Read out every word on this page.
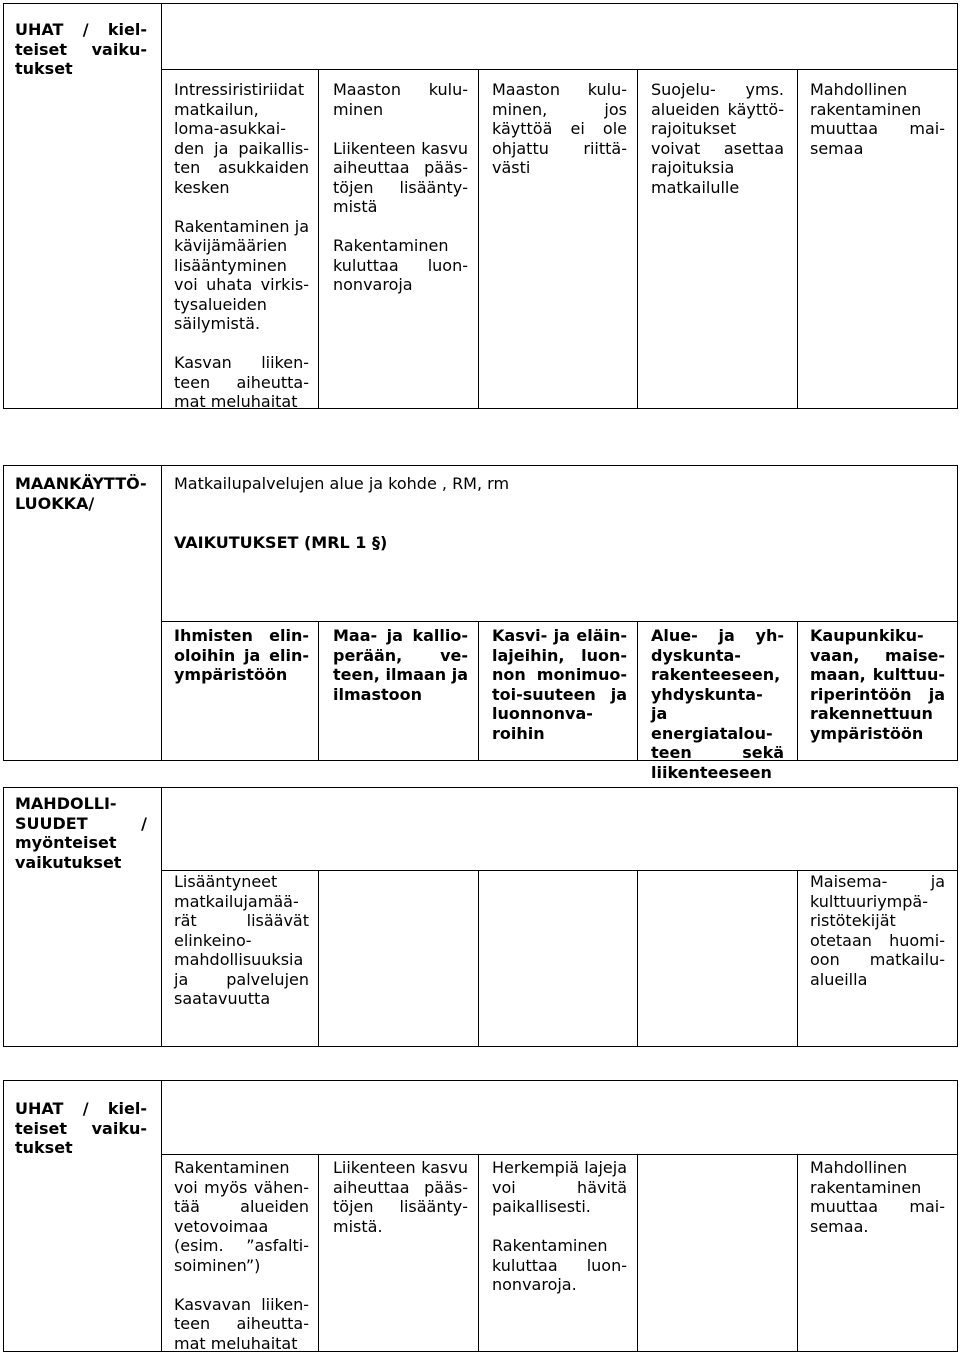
UHAT / kielteiset vaikutukset

Intressiristiriidat matkailun, loma-asukkaiden ja paikallisten asukkaiden kesken

Rakentaminen ja kävijämäärien lisääntyminen voi uhata virkistysalueiden säilymistä.

Kasvan liikenteen aiheuttamat meluhaitat

Maaston kuluminen

Liikenteen kasvu aiheuttaa päästöjen lisääntymistä

Rakentaminen kuluttaa luonnonvaroja

Maaston kuluminen, jos käyttöä ei ole ohjattu riittävästi

Suojelu- yms. alueiden käyttörajoitukset voivat asettaa rajoituksia matkailulle

Mahdollinen rakentaminen muuttaa maisemaa

MAANKÄYTTÖ-LUOKKA/
Matkailupalvelujen alue ja kohde , RM, rm
VAIKUTUKSET (MRL 1 §)
Ihmisten elinoloihin ja elinympäristöön
Maa- ja kallioperään, veteen, ilmaan ja ilmastoon
Kasvi- ja eläinlajeihin, luonnon monimuotoi-suuteen ja luonnonvaroihin
Alue- ja yhdyskuntarakenteeseen, yhdyskunta- ja energiatalouteen sekä liikenteeseen
Kaupunkikuvaan, maisemaan, kulttuuriperintöön ja rakennettuun ympäristöön
MAHDOLLISUUDET / myönteiset vaikutukset
Lisääntyneet matkailujamäärät lisäävät elinkeinomahdollisuuksia ja palvelujen saatavuutta
Maisema- ja kulttuuriympäristötekijät otetaan huomioon matkailualueilla
UHAT / kielteiset vaikutukset

Rakentaminen voi myös vähentää alueiden vetovoimaa (esim. ”asfaltisoiminen”)

Kasvavan liikenteen aiheuttamat meluhaitat

Liikenteen kasvu aiheuttaa päästöjen lisääntymistä.

Herkempiä lajeja voi hävitä paikallisesti.

Rakentaminen kuluttaa luonnonvaroja.

Mahdollinen rakentaminen muuttaa maisemaa.
